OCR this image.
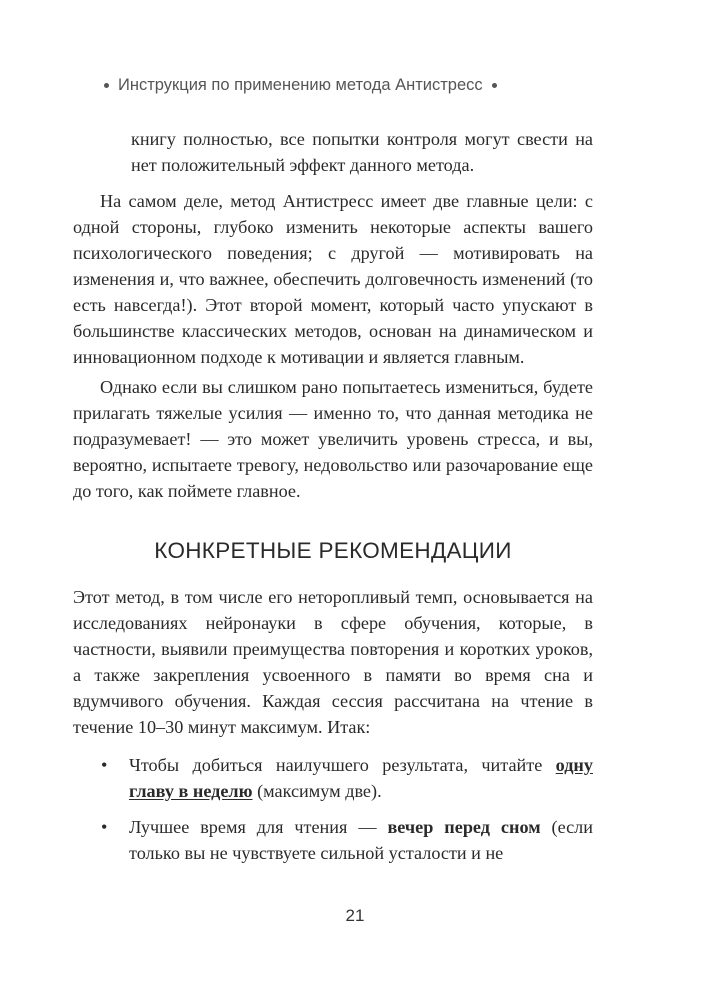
Инструкция по применению метода Антистресс

книгу полностью, все попытки контроля могут свести на нет положительный эффект данного метода.

На самом деле, метод Антистресс имеет две главные цели: с одной стороны, глубоко изменить некоторые аспекты вашего психологического поведения; с другой — мотивировать на изменения и, что важнее, обеспечить долговечность изменений (то есть навсегда!). Этот второй момент, который часто упускают в большинстве классических методов, основан на динамическом и инновационном подходе к мотивации и является главным.

Однако если вы слишком рано попытаетесь измениться, будете прилагать тяжелые усилия — именно то, что данная методика не подразумевает! — это может увеличить уровень стресса, и вы, вероятно, испытаете тревогу, недовольство или разочарование еще до того, как поймете главное.

КОНКРЕТНЫЕ РЕКОМЕНДАЦИИ

Этот метод, в том числе его неторопливый темп, основывается на исследованиях нейронауки в сфере обучения, которые, в частности, выявили преимущества повторения и коротких уроков, а также закрепления усвоенного в памяти во время сна и вдумчивого обучения. Каждая сессия рассчитана на чтение в течение 10–30 минут максимум. Итак:

• Чтобы добиться наилучшего результата, читайте одну главу в неделю (максимум две).
• Лучшее время для чтения — вечер перед сном (если только вы не чувствуете сильной усталости и не
21
